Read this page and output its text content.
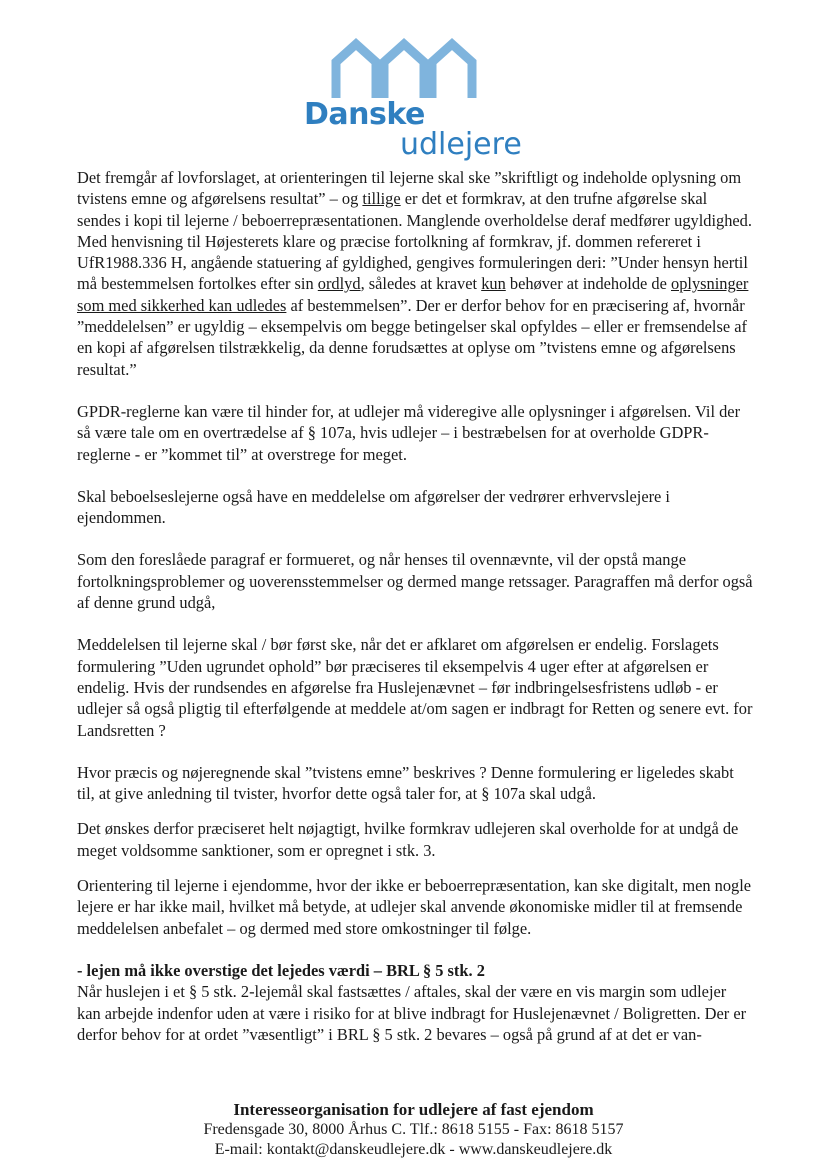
Danske
udlejere

Det fremgår af lovforslaget, at orienteringen til lejerne skal ske ”skriftligt og indeholde oplysning om tvistens emne og afgørelsens resultat” – og tillige er det et formkrav, at den trufne afgørelse skal sendes i kopi til lejerne / beboerrepræsentationen. Manglende overholdelse deraf medfører ugyldighed. Med henvisning til Højesterets klare og præcise fortolkning af formkrav, jf. dommen refereret i UfR1988.336 H, angående statuering af gyldighed, gengives formuleringen deri: ”Under hensyn hertil må bestemmelsen fortolkes efter sin ordlyd, således at kravet kun behøver at indeholde de oplysninger som med sikkerhed kan udledes af bestemmelsen”. Der er derfor behov for en præcisering af, hvornår ”meddelelsen” er ugyldig – eksempelvis om begge betingelser skal opfyldes – eller er fremsendelse af en kopi af afgørelsen tilstrækkelig, da denne forudsættes at oplyse om ”tvistens emne og afgørelsens resultat.”

GPDR-reglerne kan være til hinder for, at udlejer må videregive alle oplysninger i afgørelsen. Vil der så være tale om en overtrædelse af § 107a, hvis udlejer – i bestræbelsen for at overholde GDPR-reglerne - er ”kommet til” at overstrege for meget.

Skal beboelseslejerne også have en meddelelse om afgørelser der vedrører erhvervslejere i ejendommen.

Som den foreslåede paragraf er formueret, og når henses til ovennævnte, vil der opstå mange fortolkningsproblemer og uoverensstemmelser og dermed mange retssager. Paragraffen må derfor også af denne grund udgå,

Meddelelsen til lejerne skal / bør først ske, når det er afklaret om afgørelsen er endelig. Forslagets formulering ”Uden ugrundet ophold” bør præciseres til eksempelvis 4 uger efter at afgørelsen er endelig. Hvis der rundsendes en afgørelse fra Huslejenævnet – før indbringelsesfristens udløb - er udlejer så også pligtig til efterfølgende at meddele at/om sagen er indbragt for Retten og senere evt. for Landsretten ?

Hvor præcis og nøjeregnende skal ”tvistens emne” beskrives ? Denne formulering er ligeledes skabt til, at give anledning til tvister, hvorfor dette også taler for, at § 107a skal udgå.

Det ønskes derfor præciseret helt nøjagtigt, hvilke formkrav udlejeren skal overholde for at undgå de meget voldsomme sanktioner, som er opregnet i stk. 3.

Orientering til lejerne i ejendomme, hvor der ikke er beboerrepræsentation, kan ske digitalt, men nogle lejere er har ikke mail, hvilket må betyde, at udlejer skal anvende økonomiske midler til at fremsende meddelelsen anbefalet – og dermed med store omkostninger til følge.

- lejen må ikke overstige det lejedes værdi – BRL § 5 stk. 2

Når huslejen i et § 5 stk. 2-lejemål skal fastsættes / aftales, skal der være en vis margin som udlejer kan arbejde indenfor uden at være i risiko for at blive indbragt for Huslejenævnet / Boligretten. Der er derfor behov for at ordet ”væsentligt” i BRL § 5 stk. 2 bevares – også på grund af at det er van-

Interesseorganisation for udlejere af fast ejendom
Fredensgade 30, 8000 Århus C. Tlf.: 8618 5155 - Fax: 8618 5157
E-mail: kontakt@danskeudlejere.dk - www.danskeudlejere.dk
